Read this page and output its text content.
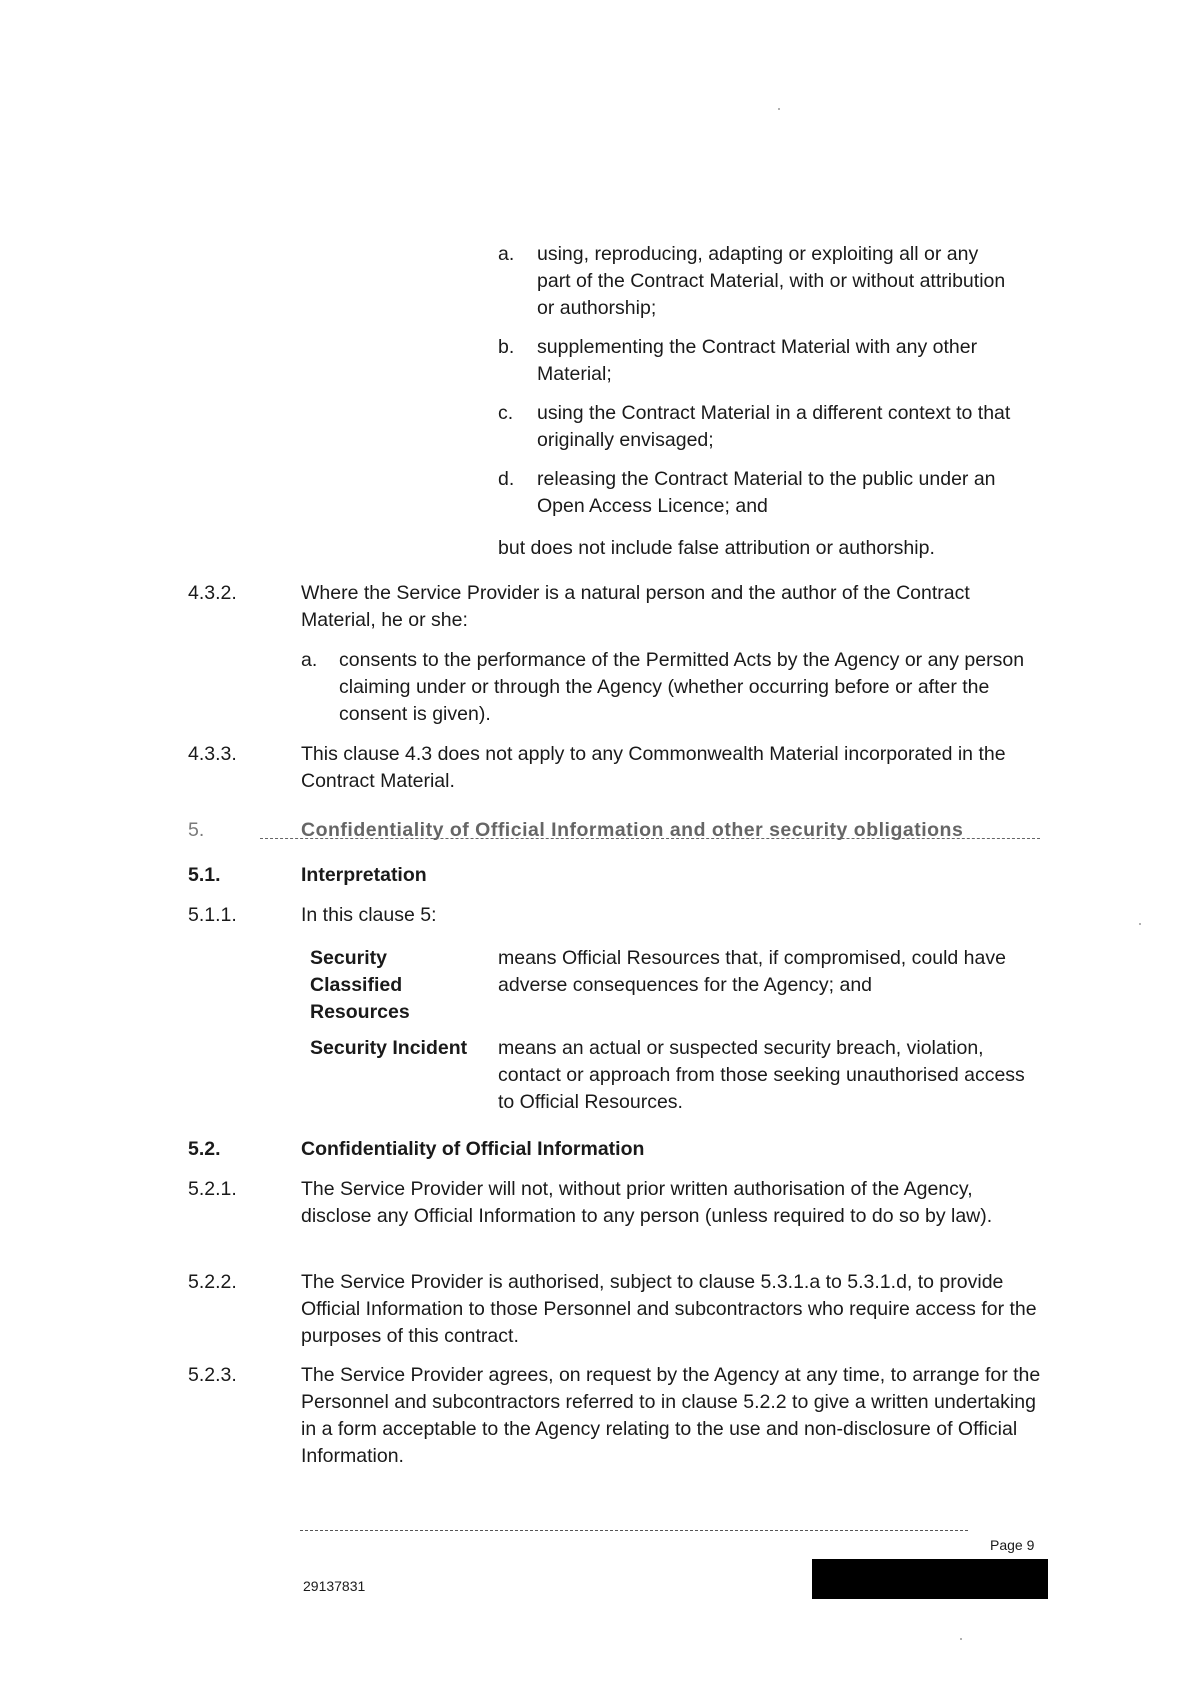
a. using, reproducing, adapting or exploiting all or any part of the Contract Material, with or without attribution or authorship;
b. supplementing the Contract Material with any other Material;
c. using the Contract Material in a different context to that originally envisaged;
d. releasing the Contract Material to the public under an Open Access Licence; and
but does not include false attribution or authorship.
4.3.2.	Where the Service Provider is a natural person and the author of the Contract Material, he or she:
a. consents to the performance of the Permitted Acts by the Agency or any person claiming under or through the Agency (whether occurring before or after the consent is given).
4.3.3.	This clause 4.3 does not apply to any Commonwealth Material incorporated in the Contract Material.
5.	Confidentiality of Official Information and other security obligations
5.1.	Interpretation
5.1.1.	In this clause 5:
Security Classified Resources
means Official Resources that, if compromised, could have adverse consequences for the Agency; and
Security Incident means an actual or suspected security breach, violation, contact or approach from those seeking unauthorised access to Official Resources.
5.2.	Confidentiality of Official Information
5.2.1.	The Service Provider will not, without prior written authorisation of the Agency, disclose any Official Information to any person (unless required to do so by law).
5.2.2.	The Service Provider is authorised, subject to clause 5.3.1.a to 5.3.1.d, to provide Official Information to those Personnel and subcontractors who require access for the purposes of this contract.
5.2.3.	The Service Provider agrees, on request by the Agency at any time, to arrange for the Personnel and subcontractors referred to in clause 5.2.2 to give a written undertaking in a form acceptable to the Agency relating to the use and non-disclosure of Official Information.
Page 9
29137831
